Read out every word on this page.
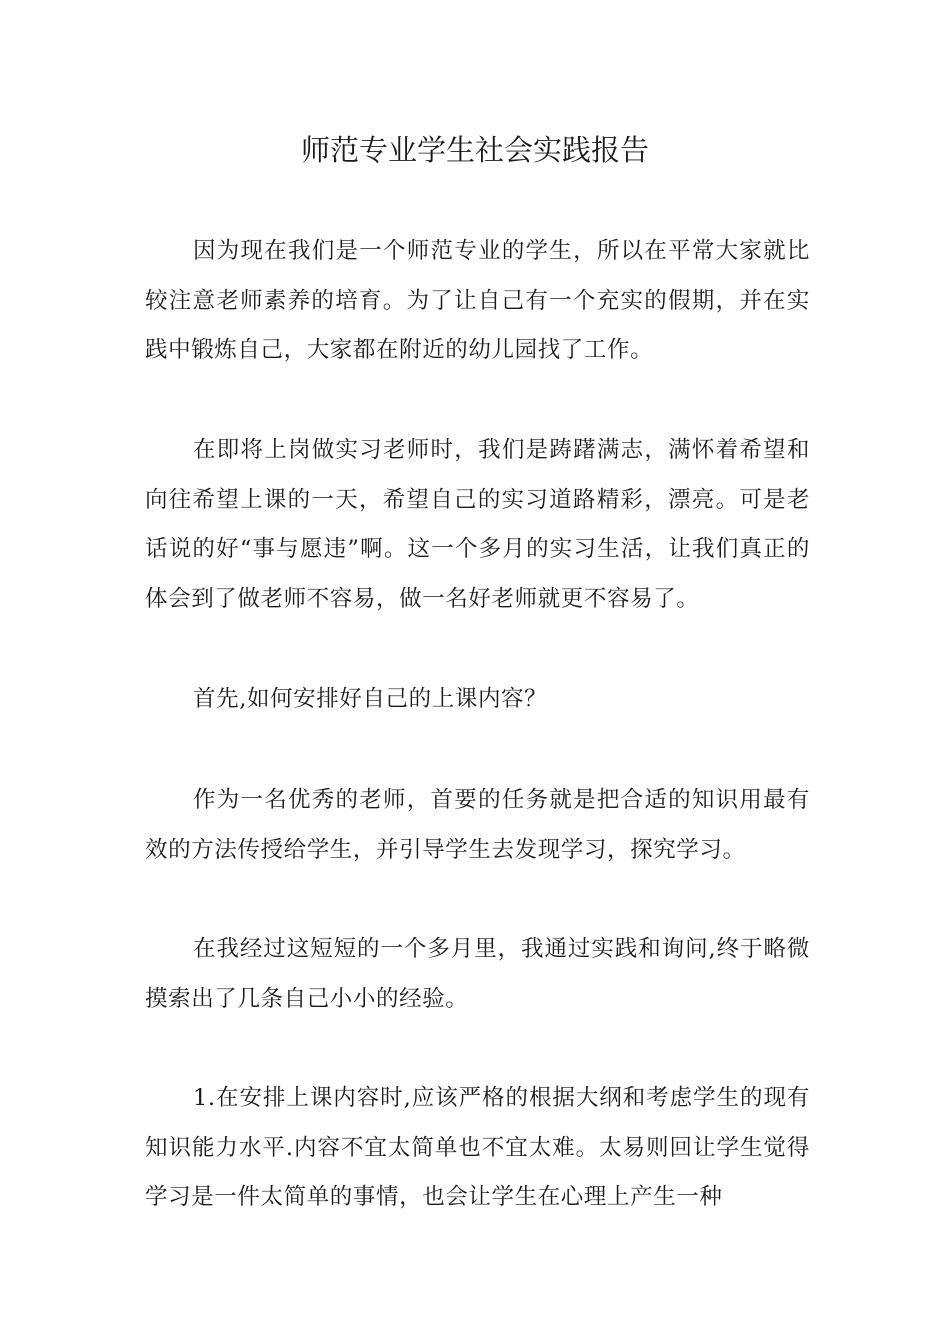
师范专业学生社会实践报告

因为现在我们是一个师范专业的学生，所以在平常大家就比较注意老师素养的培育。为了让自己有一个充实的假期，并在实践中锻炼自己，大家都在附近的幼儿园找了工作。

在即将上岗做实习老师时，我们是踌躇满志，满怀着希望和向往希望上课的一天，希望自己的实习道路精彩，漂亮。可是老话说的好“事与愿违”啊。这一个多月的实习生活，让我们真正的体会到了做老师不容易，做一名好老师就更不容易了。

首先,如何安排好自己的上课内容？

作为一名优秀的老师，首要的任务就是把合适的知识用最有效的方法传授给学生，并引导学生去发现学习，探究学习。

在我经过这短短的一个多月里，我通过实践和询问,终于略微摸索出了几条自己小小的经验。

1.在安排上课内容时,应该严格的根据大纲和考虑学生的现有知识能力水平.内容不宜太简单也不宜太难。太易则回让学生觉得学习是一件太简单的事情，也会让学生在心理上产生一种
